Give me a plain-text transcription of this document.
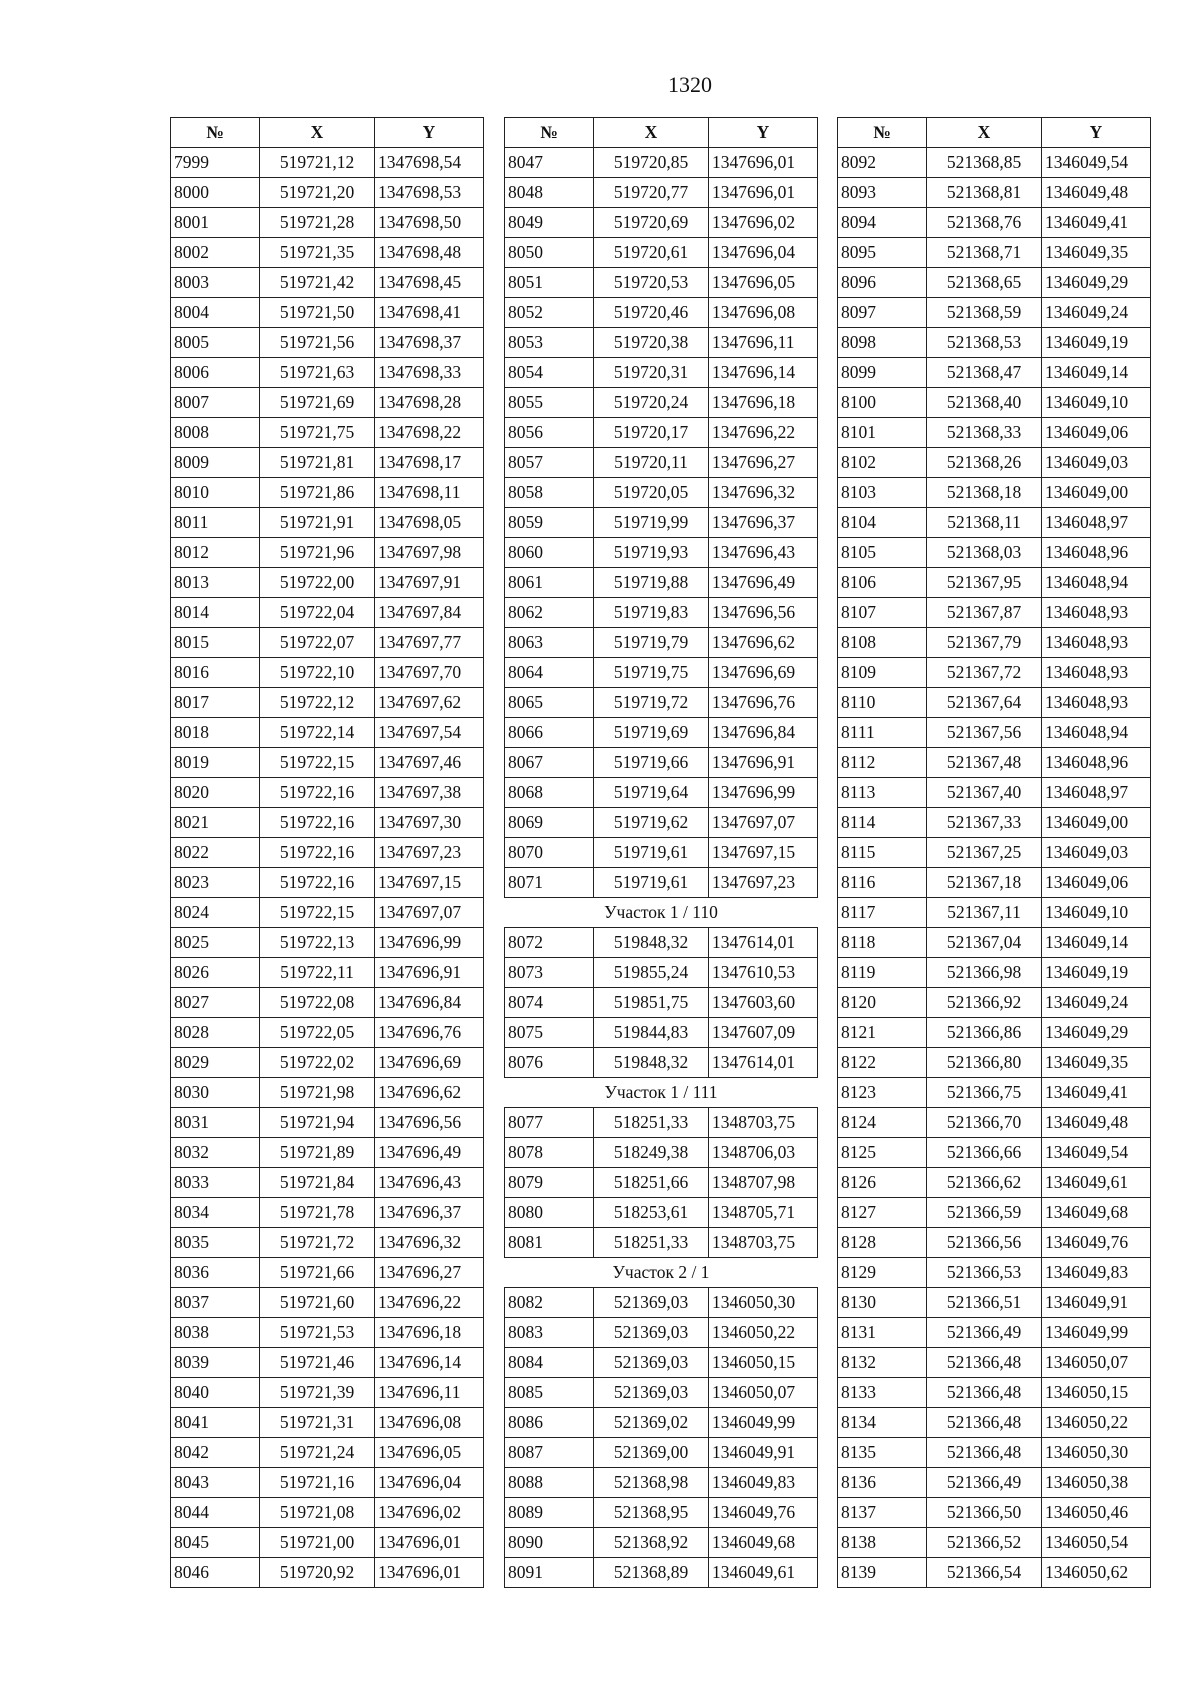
1320
№	X	Y
7999	519721,12	1347698,54
8000	519721,20	1347698,53
8001	519721,28	1347698,50
8002	519721,35	1347698,48
8003	519721,42	1347698,45
8004	519721,50	1347698,41
8005	519721,56	1347698,37
8006	519721,63	1347698,33
8007	519721,69	1347698,28
8008	519721,75	1347698,22
8009	519721,81	1347698,17
8010	519721,86	1347698,11
8011	519721,91	1347698,05
8012	519721,96	1347697,98
8013	519722,00	1347697,91
8014	519722,04	1347697,84
8015	519722,07	1347697,77
8016	519722,10	1347697,70
8017	519722,12	1347697,62
8018	519722,14	1347697,54
8019	519722,15	1347697,46
8020	519722,16	1347697,38
8021	519722,16	1347697,30
8022	519722,16	1347697,23
8023	519722,16	1347697,15
8024	519722,15	1347697,07
8025	519722,13	1347696,99
8026	519722,11	1347696,91
8027	519722,08	1347696,84
8028	519722,05	1347696,76
8029	519722,02	1347696,69
8030	519721,98	1347696,62
8031	519721,94	1347696,56
8032	519721,89	1347696,49
8033	519721,84	1347696,43
8034	519721,78	1347696,37
8035	519721,72	1347696,32
8036	519721,66	1347696,27
8037	519721,60	1347696,22
8038	519721,53	1347696,18
8039	519721,46	1347696,14
8040	519721,39	1347696,11
8041	519721,31	1347696,08
8042	519721,24	1347696,05
8043	519721,16	1347696,04
8044	519721,08	1347696,02
8045	519721,00	1347696,01
8046	519720,92	1347696,01
№	X	Y
8047	519720,85	1347696,01
8048	519720,77	1347696,01
8049	519720,69	1347696,02
8050	519720,61	1347696,04
8051	519720,53	1347696,05
8052	519720,46	1347696,08
8053	519720,38	1347696,11
8054	519720,31	1347696,14
8055	519720,24	1347696,18
8056	519720,17	1347696,22
8057	519720,11	1347696,27
8058	519720,05	1347696,32
8059	519719,99	1347696,37
8060	519719,93	1347696,43
8061	519719,88	1347696,49
8062	519719,83	1347696,56
8063	519719,79	1347696,62
8064	519719,75	1347696,69
8065	519719,72	1347696,76
8066	519719,69	1347696,84
8067	519719,66	1347696,91
8068	519719,64	1347696,99
8069	519719,62	1347697,07
8070	519719,61	1347697,15
8071	519719,61	1347697,23
Участок 1 / 110		
8072	519848,32	1347614,01
8073	519855,24	1347610,53
8074	519851,75	1347603,60
8075	519844,83	1347607,09
8076	519848,32	1347614,01
Участок 1 / 111		
8077	518251,33	1348703,75
8078	518249,38	1348706,03
8079	518251,66	1348707,98
8080	518253,61	1348705,71
8081	518251,33	1348703,75
Участок 2 / 1		
8082	521369,03	1346050,30
8083	521369,03	1346050,22
8084	521369,03	1346050,15
8085	521369,03	1346050,07
8086	521369,02	1346049,99
8087	521369,00	1346049,91
8088	521368,98	1346049,83
8089	521368,95	1346049,76
8090	521368,92	1346049,68
8091	521368,89	1346049,61
№	X	Y
8092	521368,85	1346049,54
8093	521368,81	1346049,48
8094	521368,76	1346049,41
8095	521368,71	1346049,35
8096	521368,65	1346049,29
8097	521368,59	1346049,24
8098	521368,53	1346049,19
8099	521368,47	1346049,14
8100	521368,40	1346049,10
8101	521368,33	1346049,06
8102	521368,26	1346049,03
8103	521368,18	1346049,00
8104	521368,11	1346048,97
8105	521368,03	1346048,96
8106	521367,95	1346048,94
8107	521367,87	1346048,93
8108	521367,79	1346048,93
8109	521367,72	1346048,93
8110	521367,64	1346048,93
8111	521367,56	1346048,94
8112	521367,48	1346048,96
8113	521367,40	1346048,97
8114	521367,33	1346049,00
8115	521367,25	1346049,03
8116	521367,18	1346049,06
8117	521367,11	1346049,10
8118	521367,04	1346049,14
8119	521366,98	1346049,19
8120	521366,92	1346049,24
8121	521366,86	1346049,29
8122	521366,80	1346049,35
8123	521366,75	1346049,41
8124	521366,70	1346049,48
8125	521366,66	1346049,54
8126	521366,62	1346049,61
8127	521366,59	1346049,68
8128	521366,56	1346049,76
8129	521366,53	1346049,83
8130	521366,51	1346049,91
8131	521366,49	1346049,99
8132	521366,48	1346050,07
8133	521366,48	1346050,15
8134	521366,48	1346050,22
8135	521366,48	1346050,30
8136	521366,49	1346050,38
8137	521366,50	1346050,46
8138	521366,52	1346050,54
8139	521366,54	1346050,62
